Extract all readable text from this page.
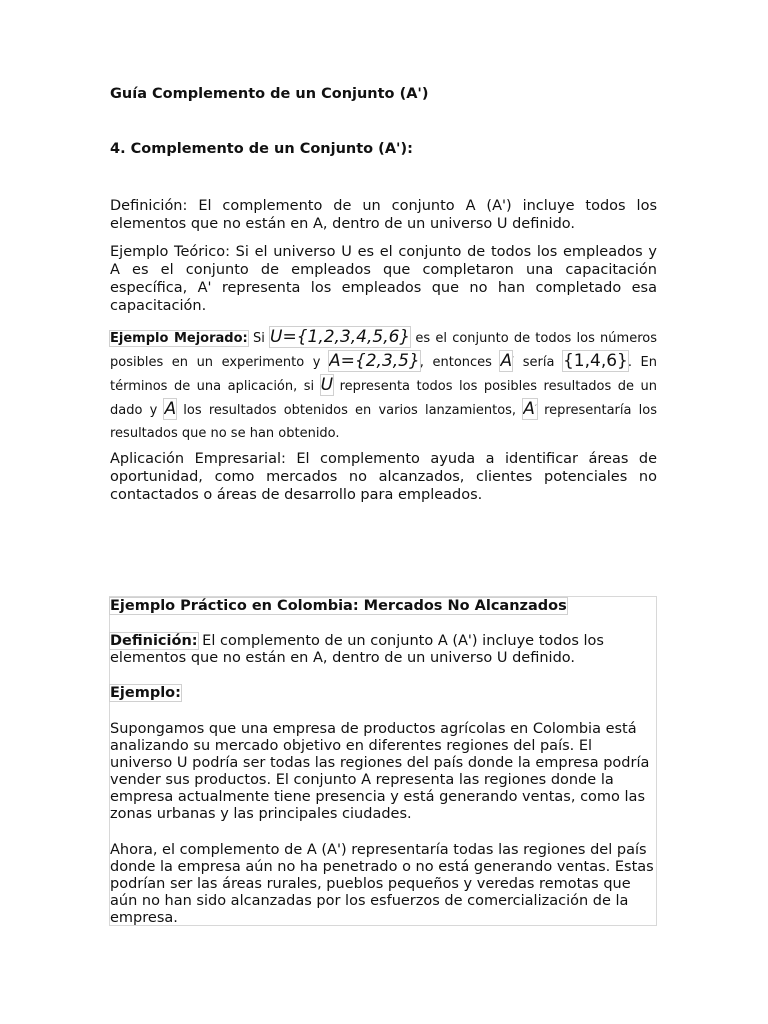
Guía Complemento de un Conjunto (A')
4. Complemento de un Conjunto (A'):
Definición: El complemento de un conjunto A (A') incluye todos los elementos que no están en A, dentro de un universo U definido.
Ejemplo Teórico: Si el universo U es el conjunto de todos los empleados y A es el conjunto de empleados que completaron una capacitación específica, A' representa los empleados que no han completado esa capacitación.
Ejemplo Mejorado: Si U={1,2,3,4,5,6} es el conjunto de todos los números posibles en un experimento y A={2,3,5}, entonces A′ sería {1,4,6}. En términos de una aplicación, si U representa todos los posibles resultados de un dado y A los resultados obtenidos en varios lanzamientos, A′ representaría los resultados que no se han obtenido.
Aplicación Empresarial: El complemento ayuda a identificar áreas de oportunidad, como mercados no alcanzados, clientes potenciales no contactados o áreas de desarrollo para empleados.
Ejemplo Práctico en Colombia: Mercados No Alcanzados
Definición: El complemento de un conjunto A (A') incluye todos los elementos que no están en A, dentro de un universo U definido.
Ejemplo:
Supongamos que una empresa de productos agrícolas en Colombia está analizando su mercado objetivo en diferentes regiones del país. El universo U podría ser todas las regiones del país donde la empresa podría vender sus productos. El conjunto A representa las regiones donde la empresa actualmente tiene presencia y está generando ventas, como las zonas urbanas y las principales ciudades.
Ahora, el complemento de A (A') representaría todas las regiones del país donde la empresa aún no ha penetrado o no está generando ventas. Estas podrían ser las áreas rurales, pueblos pequeños y veredas remotas que aún no han sido alcanzadas por los esfuerzos de comercialización de la empresa.
